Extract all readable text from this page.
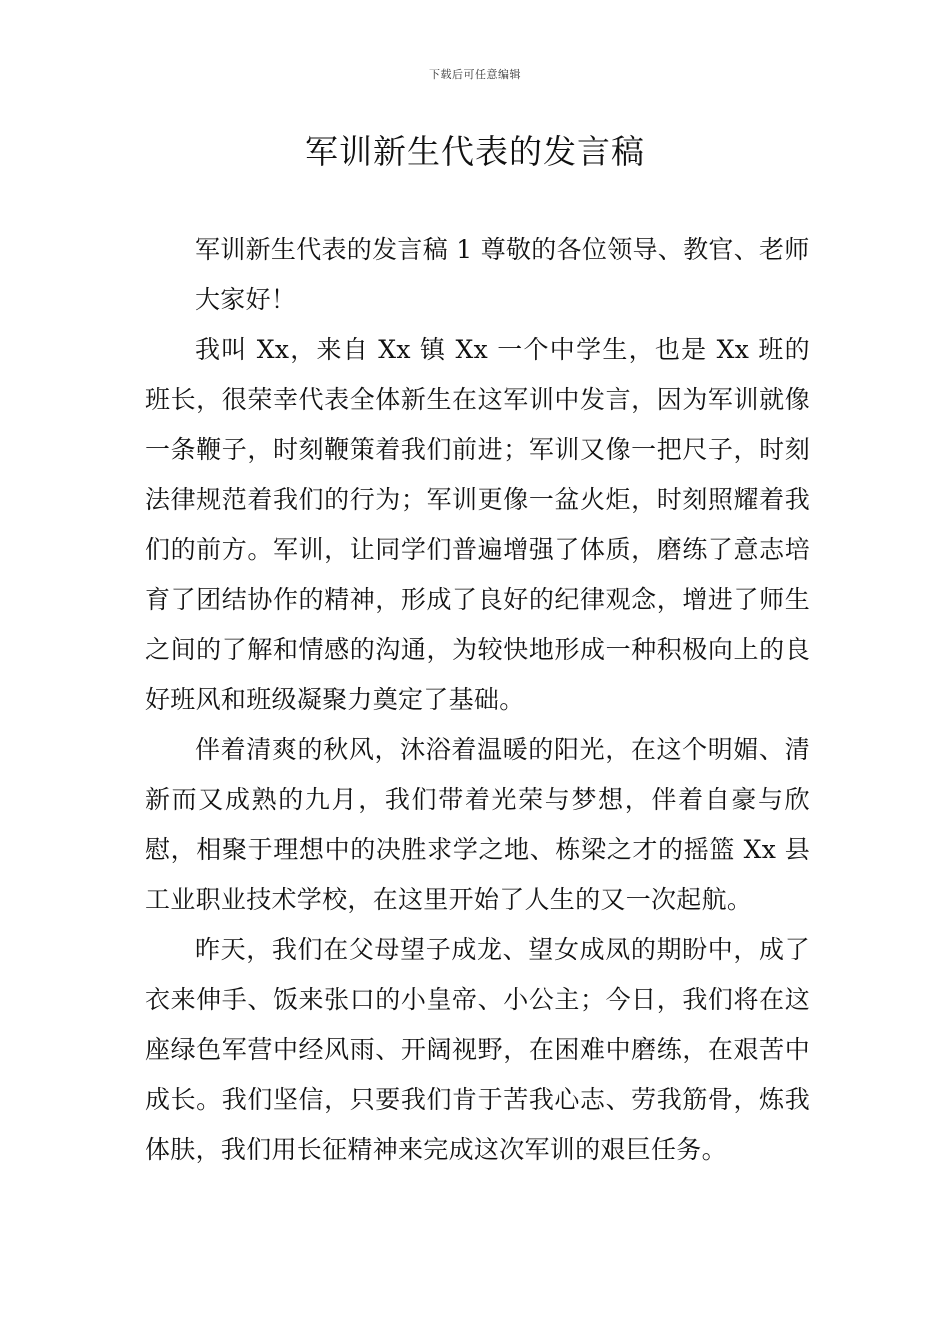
下载后可任意编辑
军训新生代表的发言稿

军训新生代表的发言稿 1 尊敬的各位领导、教官、老师

大家好！

我叫 Xx，来自 Xx 镇 Xx 一个中学生，也是 Xx 班的班长，很荣幸代表全体新生在这军训中发言，因为军训就像一条鞭子，时刻鞭策着我们前进；军训又像一把尺子，时刻法律规范着我们的行为；军训更像一盆火炬，时刻照耀着我们的前方。军训，让同学们普遍增强了体质，磨练了意志培育了团结协作的精神，形成了良好的纪律观念，增进了师生之间的了解和情感的沟通，为较快地形成一种积极向上的良好班风和班级凝聚力奠定了基础。

伴着清爽的秋风，沐浴着温暖的阳光，在这个明媚、清新而又成熟的九月，我们带着光荣与梦想，伴着自豪与欣慰，相聚于理想中的决胜求学之地、栋梁之才的摇篮 Xx 县工业职业技术学校，在这里开始了人生的又一次起航。

昨天，我们在父母望子成龙、望女成凤的期盼中，成了衣来伸手、饭来张口的小皇帝、小公主；今日，我们将在这座绿色军营中经风雨、开阔视野，在困难中磨练，在艰苦中成长。我们坚信，只要我们肯于苦我心志、劳我筋骨，炼我体肤，我们用长征精神来完成这次军训的艰巨任务。
